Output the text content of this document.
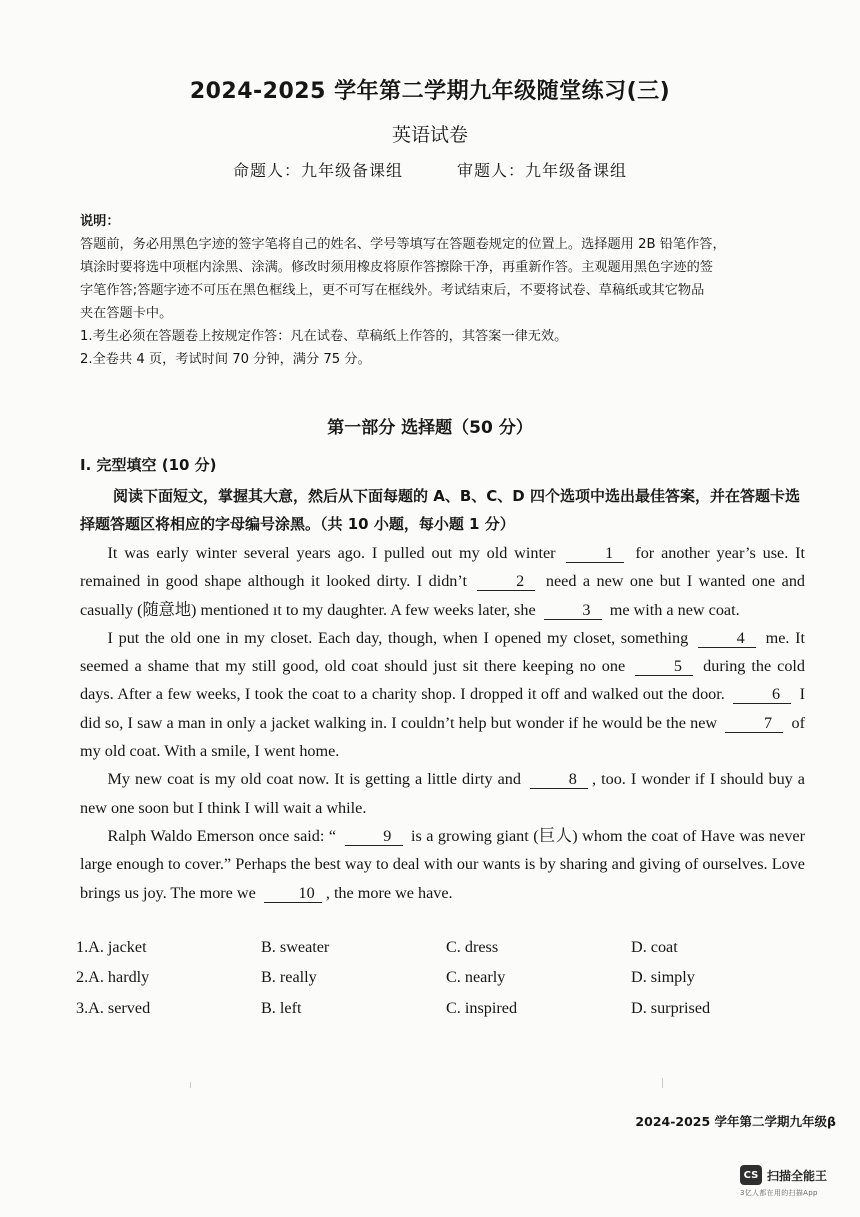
2024-2025 学年第二学期九年级随堂练习(三)
英语试卷
命题人：九年级备课组	审题人：九年级备课组
说明：
答题前，务必用黑色字迹的签字笔将自己的姓名、学号等填写在答题卷规定的位置上。选择题用 2B 铅笔作答，
填涂时要将选中项框内涂黑、涂满。修改时须用橡皮将原作答擦除干净，再重新作答。主观题用黑色字迹的签
字笔作答;答题字迹不可压在黑色框线上，更不可写在框线外。考试结束后，不要将试卷、草稿纸或其它物品
夹在答题卡中。
1.考生必须在答题卷上按规定作答：凡在试卷、草稿纸上作答的，其答案一律无效。
2.全卷共 4 页，考试时间 70 分钟，满分 75 分。
第一部分 选择题（50 分）
I. 完型填空 (10 分)
阅读下面短文，掌握其大意，然后从下面每题的 A、B、C、D 四个选项中选出最佳答案，并在答题卡选择题答题区将相应的字母编号涂黑。（共 10 小题，每小题 1 分）

It was early winter several years ago. I pulled out my old winter	1 for another year’s use. It remained in good shape although it looked dirty. I didn’t	2 need a new one but I wanted one and casually (随意地) mentioned ıt to my daughter. A few weeks later, she	3 me with a new coat.

I put the old one in my closet. Each day, though, when I opened my closet, something	4 me. It seemed a shame that my still good, old coat should just sit there keeping no one	5 during the cold days. After a few weeks, I took the coat to a charity shop. I dropped it off and walked out the door.	6 I did so, I saw a man in only a jacket walking in. I couldn’t help but wonder if he would be the new	7 of my old coat. With a smile, I went home.

My new coat is my old coat now. It is getting a little dirty and	8 , too. I wonder if I should buy a new one soon but I think I will wait a while.

Ralph Waldo Emerson once said: “	9 is a growing giant (巨人) whom the coat of Have was never large enough to cover.” Perhaps the best way to deal with our wants is by sharing and giving of ourselves. Love brings us joy. The more we	10 , the more we have.

1.A. jacket	B. sweater	C. dress	D. coat
2.A. hardly	B. really	C. nearly	D. simply
3.A. served	B. left	C. inspired	D. surprised
2024-2025 学年第二学期九年级β
CS 扫描全能王
3亿人都在用的扫描App
